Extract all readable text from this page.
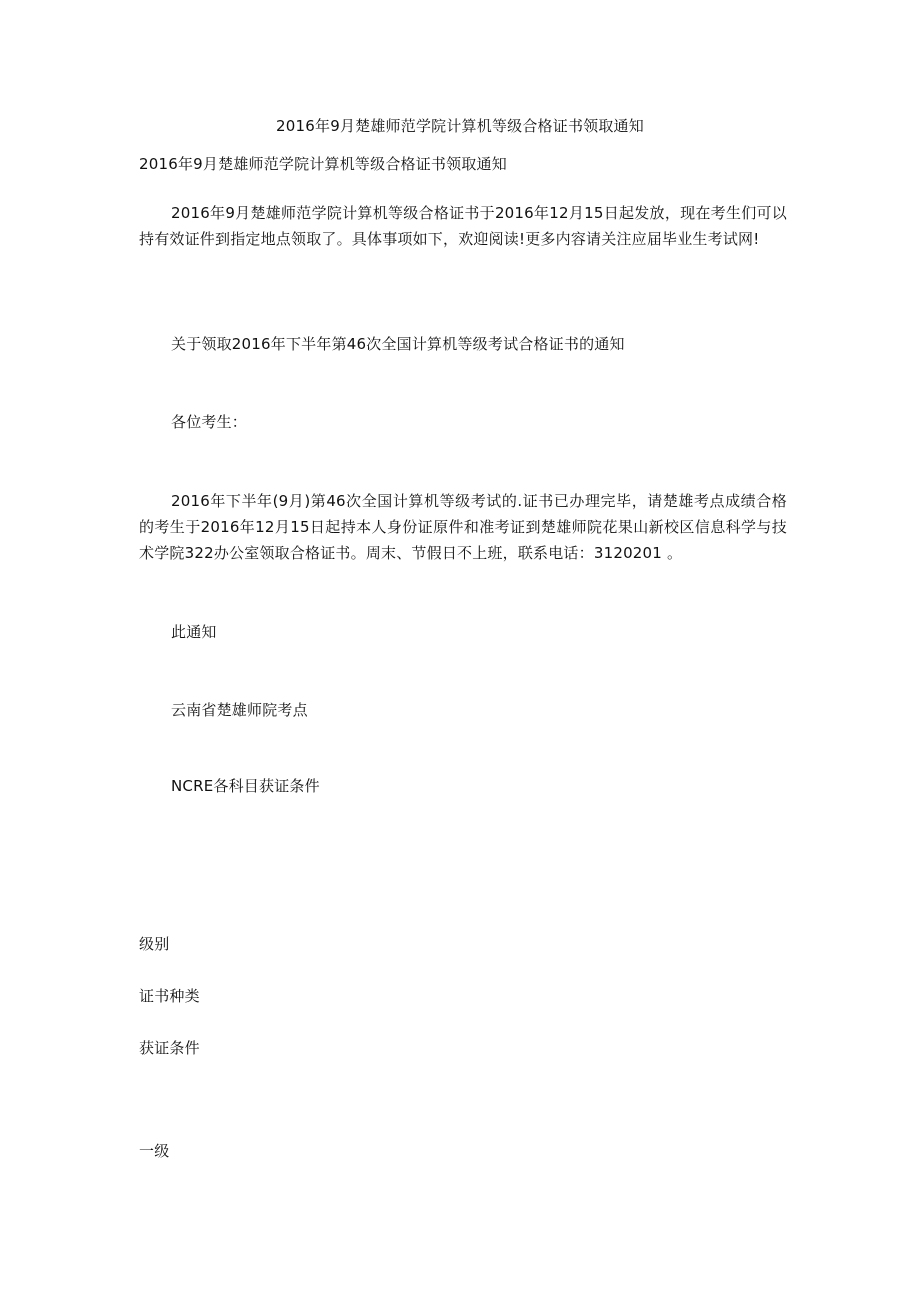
2016年9月楚雄师范学院计算机等级合格证书领取通知
2016年9月楚雄师范学院计算机等级合格证书领取通知
2016年9月楚雄师范学院计算机等级合格证书于2016年12月15日起发放，现在考生们可以持有效证件到指定地点领取了。具体事项如下，欢迎阅读!更多内容请关注应届毕业生考试网!
关于领取2016年下半年第46次全国计算机等级考试合格证书的通知
各位考生：
2016年下半年(9月)第46次全国计算机等级考试的.证书已办理完毕，请楚雄考点成绩合格的考生于2016年12月15日起持本人身份证原件和准考证到楚雄师院花果山新校区信息科学与技术学院322办公室领取合格证书。周末、节假日不上班，联系电话：3120201 。
此通知
云南省楚雄师院考点
NCRE各科目获证条件
级别
证书种类
获证条件
一级
